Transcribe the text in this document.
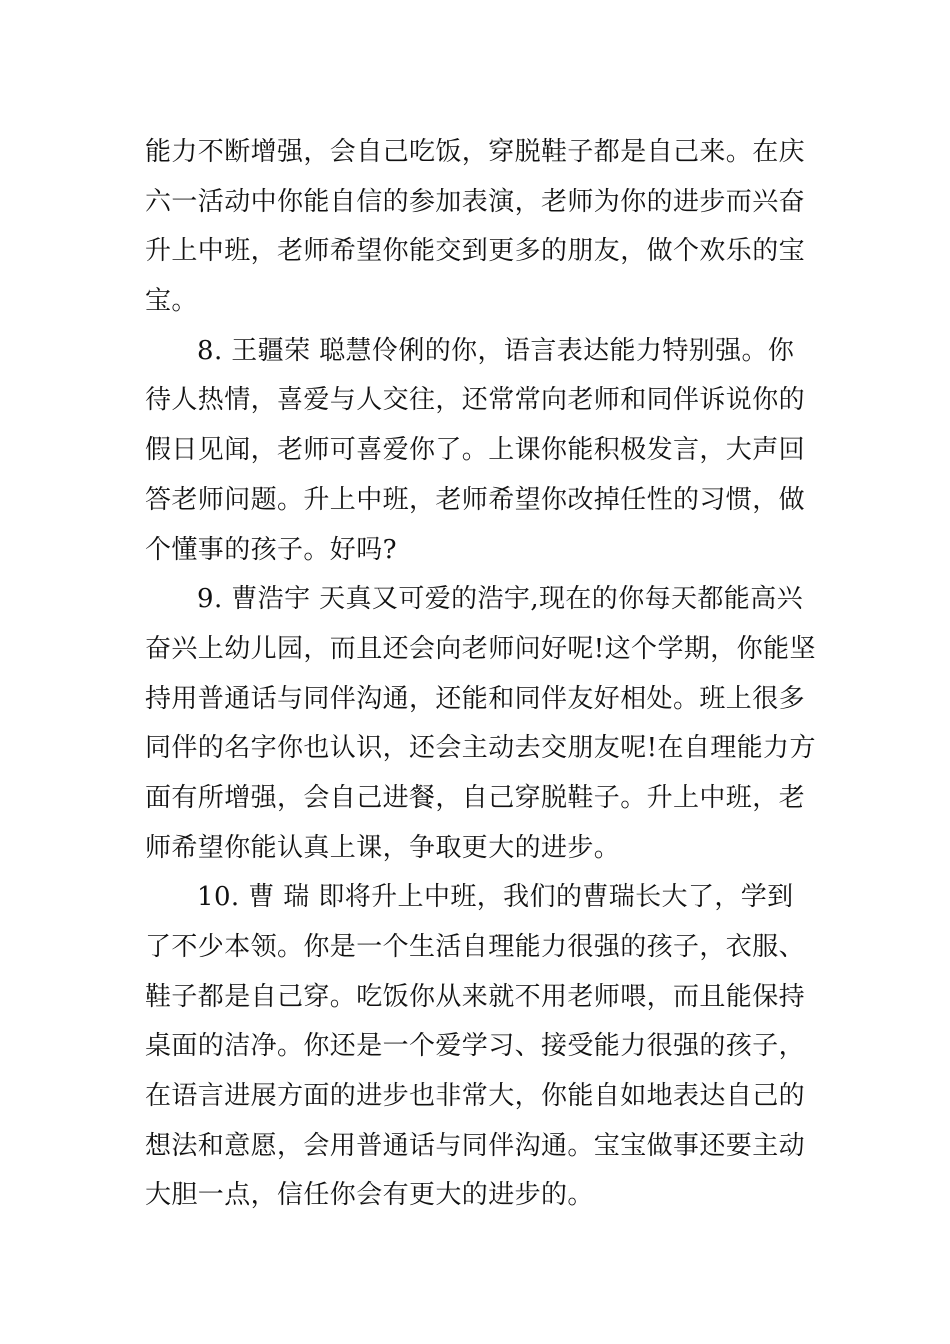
能力不断增强，会自己吃饭，穿脱鞋子都是自己来。在庆
六一活动中你能自信的参加表演，老师为你的进步而兴奋
升上中班，老师希望你能交到更多的朋友，做个欢乐的宝
宝。
8. 王疆荣 聪慧伶俐的你，语言表达能力特别强。你
待人热情，喜爱与人交往，还常常向老师和同伴诉说你的
假日见闻，老师可喜爱你了。上课你能积极发言，大声回
答老师问题。升上中班，老师希望你改掉任性的习惯，做
个懂事的孩子。好吗?
9. 曹浩宇 天真又可爱的浩宇,现在的你每天都能高兴
奋兴上幼儿园，而且还会向老师问好呢!这个学期，你能坚
持用普通话与同伴沟通，还能和同伴友好相处。班上很多
同伴的名字你也认识，还会主动去交朋友呢!在自理能力方
面有所增强，会自己进餐，自己穿脱鞋子。升上中班，老
师希望你能认真上课，争取更大的进步。
10. 曹 瑞 即将升上中班，我们的曹瑞长大了，学到
了不少本领。你是一个生活自理能力很强的孩子，衣服、
鞋子都是自己穿。吃饭你从来就不用老师喂，而且能保持
桌面的洁净。你还是一个爱学习、接受能力很强的孩子，
在语言进展方面的进步也非常大，你能自如地表达自己的
想法和意愿，会用普通话与同伴沟通。宝宝做事还要主动
大胆一点，信任你会有更大的进步的。
